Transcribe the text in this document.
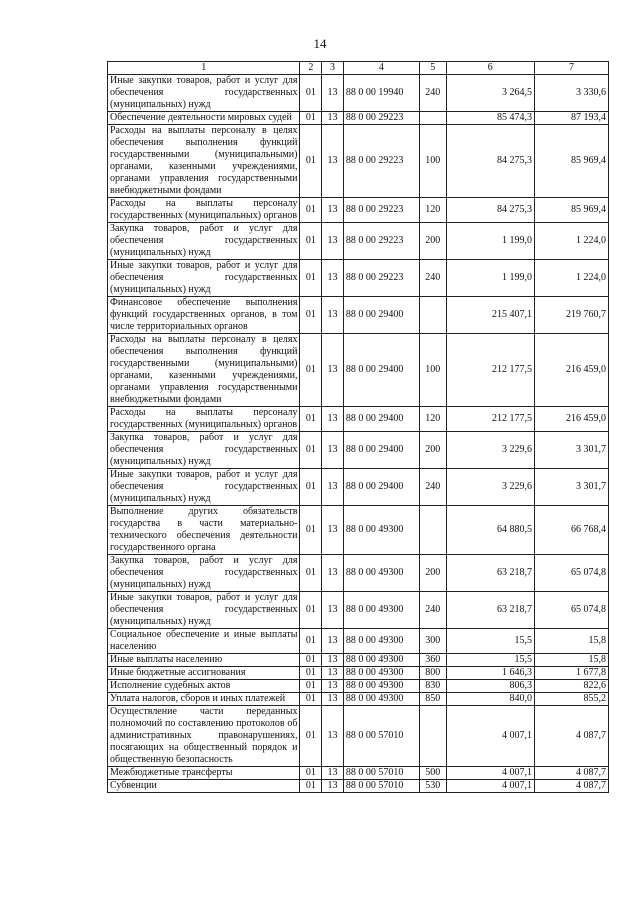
14
1	2	3	4	5	6	7
Иные закупки товаров, работ и услуг для обеспечения государственных (муниципальных) нужд	01	13	88 0 00 19940	240	3 264,5	3 330,6
Обеспечение деятельности мировых судей	01	13	88 0 00 29223		85 474,3	87 193,4
Расходы на выплаты персоналу в целях обеспечения выполнения функций государственными (муниципальными) органами, казенными учреждениями, органами управления государственными внебюджетными фондами	01	13	88 0 00 29223	100	84 275,3	85 969,4
Расходы на выплаты персоналу государственных (муниципальных) органов	01	13	88 0 00 29223	120	84 275,3	85 969,4
Закупка товаров, работ и услуг для обеспечения государственных (муниципальных) нужд	01	13	88 0 00 29223	200	1 199,0	1 224,0
Иные закупки товаров, работ и услуг для обеспечения государственных (муниципальных) нужд	01	13	88 0 00 29223	240	1 199,0	1 224,0
Финансовое обеспечение выполнения функций государственных органов, в том числе территориальных органов	01	13	88 0 00 29400		215 407,1	219 760,7
Расходы на выплаты персоналу в целях обеспечения выполнения функций государственными (муниципальными) органами, казенными учреждениями, органами управления государственными внебюджетными фондами	01	13	88 0 00 29400	100	212 177,5	216 459,0
Расходы на выплаты персоналу государственных (муниципальных) органов	01	13	88 0 00 29400	120	212 177,5	216 459,0
Закупка товаров, работ и услуг для обеспечения государственных (муниципальных) нужд	01	13	88 0 00 29400	200	3 229,6	3 301,7
Иные закупки товаров, работ и услуг для обеспечения государственных (муниципальных) нужд	01	13	88 0 00 29400	240	3 229,6	3 301,7
Выполнение других обязательств государства в части материально-технического обеспечения деятельности государственного органа	01	13	88 0 00 49300		64 880,5	66 768,4
Закупка товаров, работ и услуг для обеспечения государственных (муниципальных) нужд	01	13	88 0 00 49300	200	63 218,7	65 074,8
Иные закупки товаров, работ и услуг для обеспечения государственных (муниципальных) нужд	01	13	88 0 00 49300	240	63 218,7	65 074,8
Социальное обеспечение и иные выплаты населению	01	13	88 0 00 49300	300	15,5	15,8
Иные выплаты населению	01	13	88 0 00 49300	360	15,5	15,8
Иные бюджетные ассигнования	01	13	88 0 00 49300	800	1 646,3	1 677,8
Исполнение судебных актов	01	13	88 0 00 49300	830	806,3	822,6
Уплата налогов, сборов и иных платежей	01	13	88 0 00 49300	850	840,0	855,2
Осуществление части переданных полномочий по составлению протоколов об административных правонарушениях, посягающих на общественный порядок и общественную безопасность	01	13	88 0 00 57010		4 007,1	4 087,7
Межбюджетные трансферты	01	13	88 0 00 57010	500	4 007,1	4 087,7
Субвенции	01	13	88 0 00 57010	530	4 007,1	4 087,7
